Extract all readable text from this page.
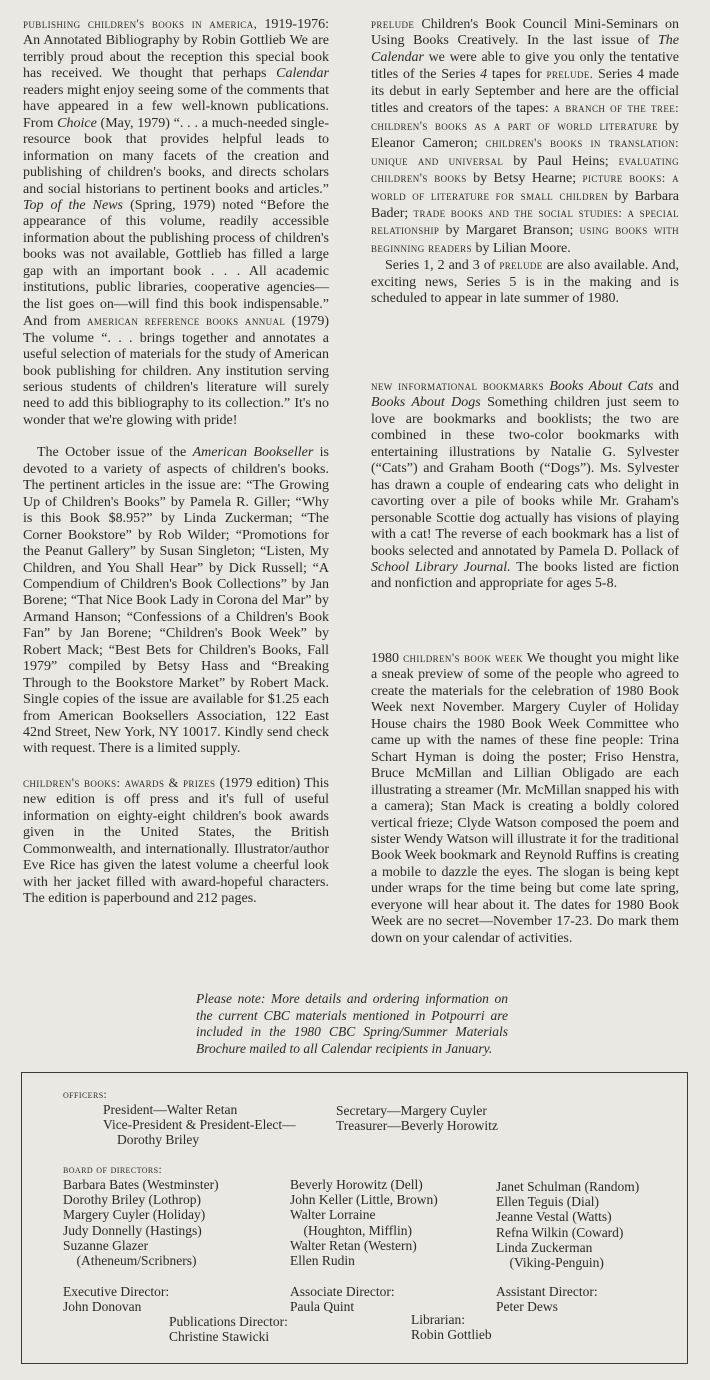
publishing children's books in america, 1919-1976: An Annotated Bibliography by Robin Gottlieb We are terribly proud about the reception this special book has received. We thought that perhaps Calendar readers might enjoy seeing some of the comments that have appeared in a few well-known publications. From Choice (May, 1979) “. . . a much-needed single-resource book that provides helpful leads to information on many facets of the creation and publishing of children's books, and directs scholars and social historians to pertinent books and articles.” Top of the News (Spring, 1979) noted “Before the appearance of this volume, readily accessible information about the publishing process of children's books was not available, Gottlieb has filled a large gap with an important book . . . All academic institutions, public libraries, cooperative agencies—the list goes on—will find this book indispensable.” And from american reference books annual (1979) The volume “. . . brings together and annotates a useful selection of materials for the study of American book publishing for children. Any institution serving serious students of children's literature will surely need to add this bibliography to its collection.” It's no wonder that we're glowing with pride!

The October issue of the American Bookseller is devoted to a variety of aspects of children's books. The pertinent articles in the issue are: “The Growing Up of Children's Books” by Pamela R. Giller; “Why is this Book $8.95?” by Linda Zuckerman; “The Corner Bookstore” by Rob Wilder; “Promotions for the Peanut Gallery” by Susan Singleton; “Listen, My Children, and You Shall Hear” by Dick Russell; “A Compendium of Children's Book Collections” by Jan Borene; “That Nice Book Lady in Corona del Mar” by Armand Hanson; “Confessions of a Children's Book Fan” by Jan Borene; “Children's Book Week” by Robert Mack; “Best Bets for Children's Books, Fall 1979” compiled by Betsy Hass and “Breaking Through to the Bookstore Market” by Robert Mack. Single copies of the issue are available for $1.25 each from American Booksellers Association, 122 East 42nd Street, New York, NY 10017. Kindly send check with request. There is a limited supply.

children's books: awards & prizes (1979 edition) This new edition is off press and it's full of useful information on eighty-eight children's book awards given in the United States, the British Commonwealth, and internationally. Illustrator/author Eve Rice has given the latest volume a cheerful look with her jacket filled with award-hopeful characters. The edition is paperbound and 212 pages.

prelude Children's Book Council Mini-Seminars on Using Books Creatively. In the last issue of The Calendar we were able to give you only the tentative titles of the Series 4 tapes for prelude. Series 4 made its debut in early September and here are the official titles and creators of the tapes: a branch of the tree: children's books as a part of world literature by Eleanor Cameron; children's books in translation: unique and universal by Paul Heins; evaluating children's books by Betsy Hearne; picture books: a world of literature for small children by Barbara Bader; trade books and the social studies: a special relationship by Margaret Branson; using books with beginning readers by Lilian Moore.

Series 1, 2 and 3 of prelude are also available. And, exciting news, Series 5 is in the making and is scheduled to appear in late summer of 1980.

new informational bookmarks Books About Cats and Books About Dogs Something children just seem to love are bookmarks and booklists; the two are combined in these two-color bookmarks with entertaining illustrations by Natalie G. Sylvester (“Cats”) and Graham Booth (“Dogs”). Ms. Sylvester has drawn a couple of endearing cats who delight in cavorting over a pile of books while Mr. Graham's personable Scottie dog actually has visions of playing with a cat! The reverse of each bookmark has a list of books selected and annotated by Pamela D. Pollack of School Library Journal. The books listed are fiction and nonfiction and appropriate for ages 5-8.

1980 children's book week We thought you might like a sneak preview of some of the people who agreed to create the materials for the celebration of 1980 Book Week next November. Margery Cuyler of Holiday House chairs the 1980 Book Week Committee who came up with the names of these fine people: Trina Schart Hyman is doing the poster; Friso Henstra, Bruce McMillan and Lillian Obligado are each illustrating a streamer (Mr. McMillan snapped his with a camera); Stan Mack is creating a boldly colored vertical frieze; Clyde Watson composed the poem and sister Wendy Watson will illustrate it for the traditional Book Week bookmark and Reynold Ruffins is creating a mobile to dazzle the eyes. The slogan is being kept under wraps for the time being but come late spring, everyone will hear about it. The dates for 1980 Book Week are no secret—November 17-23. Do mark them down on your calendar of activities.

Please note: More details and ordering information on the current CBC materials mentioned in Potpourri are included in the 1980 CBC Spring/Summer Materials Brochure mailed to all Calendar recipients in January.
officers:
President—Walter Retan
Vice-President & President-Elect—
Dorothy Briley
Secretary—Margery Cuyler
Treasurer—Beverly Horowitz
board of directors:
Barbara Bates (Westminster)
Dorothy Briley (Lothrop)
Margery Cuyler (Holiday)
Judy Donnelly (Hastings)
Suzanne Glazer
(Atheneum/Scribners)
Beverly Horowitz (Dell)
John Keller (Little, Brown)
Walter Lorraine
(Houghton, Mifflin)
Walter Retan (Western)
Ellen Rudin
Janet Schulman (Random)
Ellen Teguis (Dial)
Jeanne Vestal (Watts)
Refna Wilkin (Coward)
Linda Zuckerman
(Viking-Penguin)
Executive Director:
John Donovan
Associate Director:
Paula Quint
Assistant Director:
Peter Dews
Publications Director:
Christine Stawicki
Librarian:
Robin Gottlieb
